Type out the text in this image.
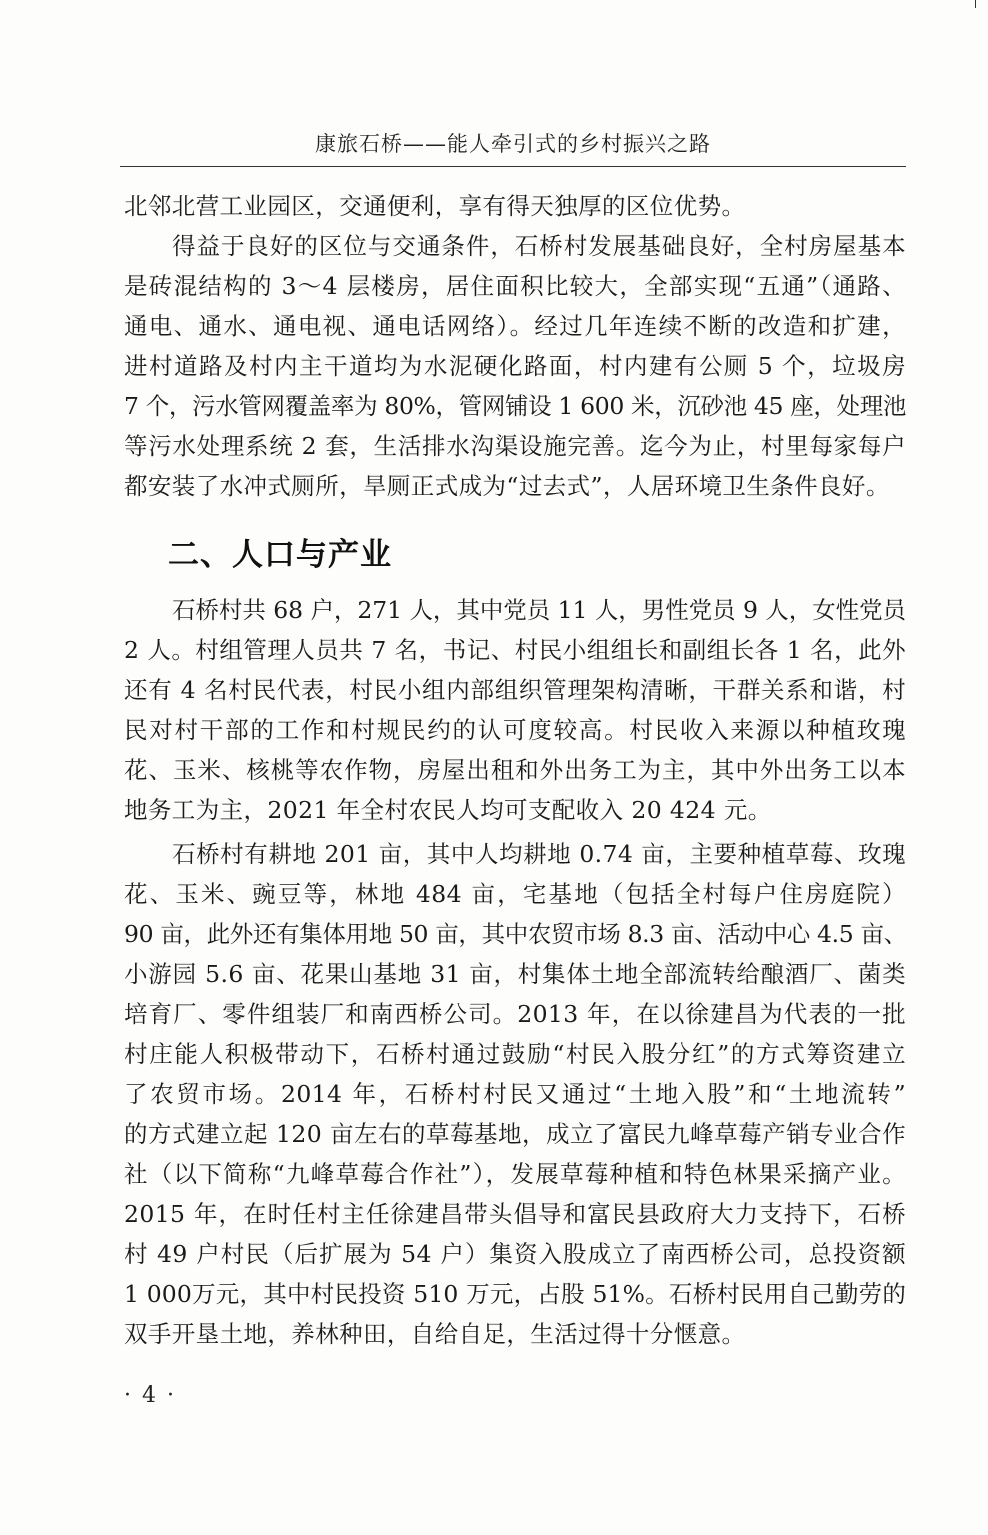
康旅石桥——能人牵引式的乡村振兴之路
北邻北营工业园区，交通便利，享有得天独厚的区位优势。
得益于良好的区位与交通条件，石桥村发展基础良好，全村房屋基本
是砖混结构的 3～4 层楼房，居住面积比较大，全部实现“五通”（通路、
通电、通水、通电视、通电话网络）。经过几年连续不断的改造和扩建，
进村道路及村内主干道均为水泥硬化路面，村内建有公厕 5 个，垃圾房
7 个，污水管网覆盖率为 80%，管网铺设 1 600 米，沉砂池 45 座，处理池
等污水处理系统 2 套，生活排水沟渠设施完善。迄今为止，村里每家每户
都安装了水冲式厕所，旱厕正式成为“过去式”，人居环境卫生条件良好。
二、人口与产业
石桥村共 68 户，271 人，其中党员 11 人，男性党员 9 人，女性党员
2 人。村组管理人员共 7 名，书记、村民小组组长和副组长各 1 名，此外
还有 4 名村民代表，村民小组内部组织管理架构清晰，干群关系和谐，村
民对村干部的工作和村规民约的认可度较高。村民收入来源以种植玫瑰
花、玉米、核桃等农作物，房屋出租和外出务工为主，其中外出务工以本
地务工为主，2021 年全村农民人均可支配收入 20 424 元。
石桥村有耕地 201 亩，其中人均耕地 0.74 亩，主要种植草莓、玫瑰
花、玉米、豌豆等，林地 484 亩，宅基地（包括全村每户住房庭院）
90 亩，此外还有集体用地 50 亩，其中农贸市场 8.3 亩、活动中心 4.5 亩、
小游园 5.6 亩、花果山基地 31 亩，村集体土地全部流转给酿酒厂、菌类
培育厂、零件组装厂和南西桥公司。2013 年，在以徐建昌为代表的一批
村庄能人积极带动下，石桥村通过鼓励“村民入股分红”的方式筹资建立
了农贸市场。2014 年，石桥村村民又通过“土地入股”和“土地流转”
的方式建立起 120 亩左右的草莓基地，成立了富民九峰草莓产销专业合作
社（以下简称“九峰草莓合作社”），发展草莓种植和特色林果采摘产业。
2015 年，在时任村主任徐建昌带头倡导和富民县政府大力支持下，石桥
村 49 户村民（后扩展为 54 户）集资入股成立了南西桥公司，总投资额
1 000万元，其中村民投资 510 万元，占股 51%。石桥村民用自己勤劳的
双手开垦土地，养林种田，自给自足，生活过得十分惬意。
· 4 ·
